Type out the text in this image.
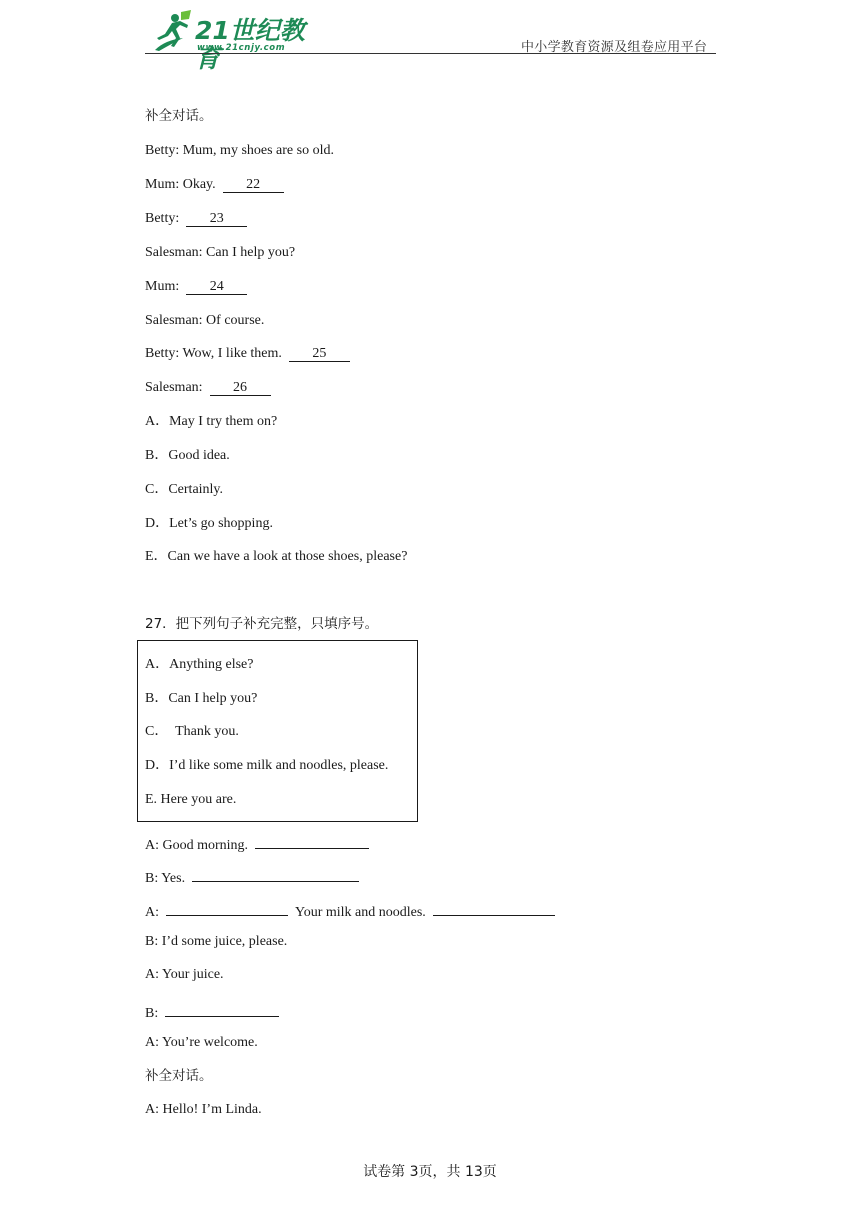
21世纪教育
www.21cnjy.com	中小学教育资源及组卷应用平台
补全对话。
Betty: Mum, my shoes are so old.
Mum: Okay. 22
Betty: 23
Salesman: Can I help you?
Mum: 24
Salesman: Of course.
Betty: Wow, I like them. 25
Salesman: 26
A．May I try them on?
B．Good idea.
C．Certainly.
D．Let’s go shopping.
E．Can we have a look at those shoes, please?
27．把下列句子补充完整，只填序号。
A．Anything else?
B．Can I help you?
C．  Thank you.
D．I’d like some milk and noodles, please.
E. Here you are.
A: Good morning.
B: Yes.
A:	Your milk and noodles.
B: I’d some juice, please.
A: Your juice.
B:
A: You’re welcome.
补全对话。
A: Hello! I’m Linda.
试卷第 3页，共 13页
